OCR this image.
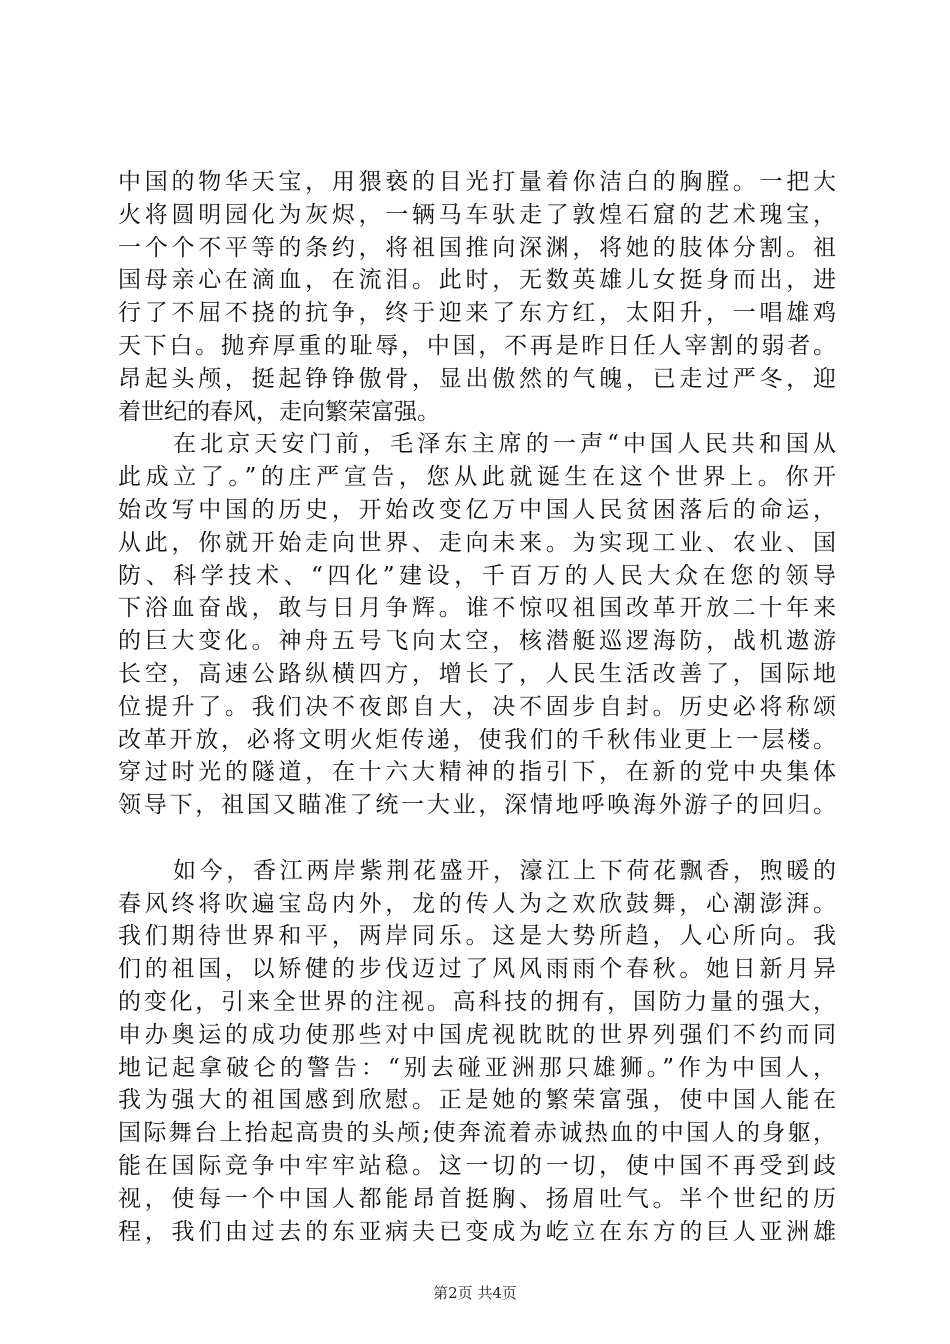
中国的物华天宝，用猥亵的目光打量着你洁白的胸膛。一把大
火将圆明园化为灰烬，一辆马车驮走了敦煌石窟的艺术瑰宝，
一个个不平等的条约，将祖国推向深渊，将她的肢体分割。祖
国母亲心在滴血，在流泪。此时，无数英雄儿女挺身而出，进
行了不屈不挠的抗争，终于迎来了东方红，太阳升，一唱雄鸡
天下白。抛弃厚重的耻辱，中国，不再是昨日任人宰割的弱者。
昂起头颅，挺起铮铮傲骨，显出傲然的气魄，已走过严冬，迎
着世纪的春风，走向繁荣富强。
在北京天安门前，毛泽东主席的一声“中国人民共和国从
此成立了。”的庄严宣告，您从此就诞生在这个世界上。你开
始改写中国的历史，开始改变亿万中国人民贫困落后的命运，
从此，你就开始走向世界、走向未来。为实现工业、农业、国
防、科学技术、“四化”建设，千百万的人民大众在您的领导
下浴血奋战，敢与日月争辉。谁不惊叹祖国改革开放二十年来
的巨大变化。神舟五号飞向太空，核潜艇巡逻海防，战机遨游
长空，高速公路纵横四方，增长了，人民生活改善了，国际地
位提升了。我们决不夜郎自大，决不固步自封。历史必将称颂
改革开放，必将文明火炬传递，使我们的千秋伟业更上一层楼。
穿过时光的隧道，在十六大精神的指引下，在新的党中央集体
领导下，祖国又瞄准了统一大业，深情地呼唤海外游子的回归。
如今，香江两岸紫荆花盛开，濠江上下荷花飘香，煦暖的
春风终将吹遍宝岛内外，龙的传人为之欢欣鼓舞，心潮澎湃。
我们期待世界和平，两岸同乐。这是大势所趋，人心所向。我
们的祖国，以矫健的步伐迈过了风风雨雨个春秋。她日新月异
的变化，引来全世界的注视。高科技的拥有，国防力量的强大，
申办奥运的成功使那些对中国虎视眈眈的世界列强们不约而同
地记起拿破仑的警告：“别去碰亚洲那只雄狮。”作为中国人，
我为强大的祖国感到欣慰。正是她的繁荣富强，使中国人能在
国际舞台上抬起高贵的头颅;使奔流着赤诚热血的中国人的身躯，
能在国际竞争中牢牢站稳。这一切的一切，使中国不再受到歧
视，使每一个中国人都能昂首挺胸、扬眉吐气。半个世纪的历
程，我们由过去的东亚病夫已变成为屹立在东方的巨人亚洲雄
第2页 共4页
